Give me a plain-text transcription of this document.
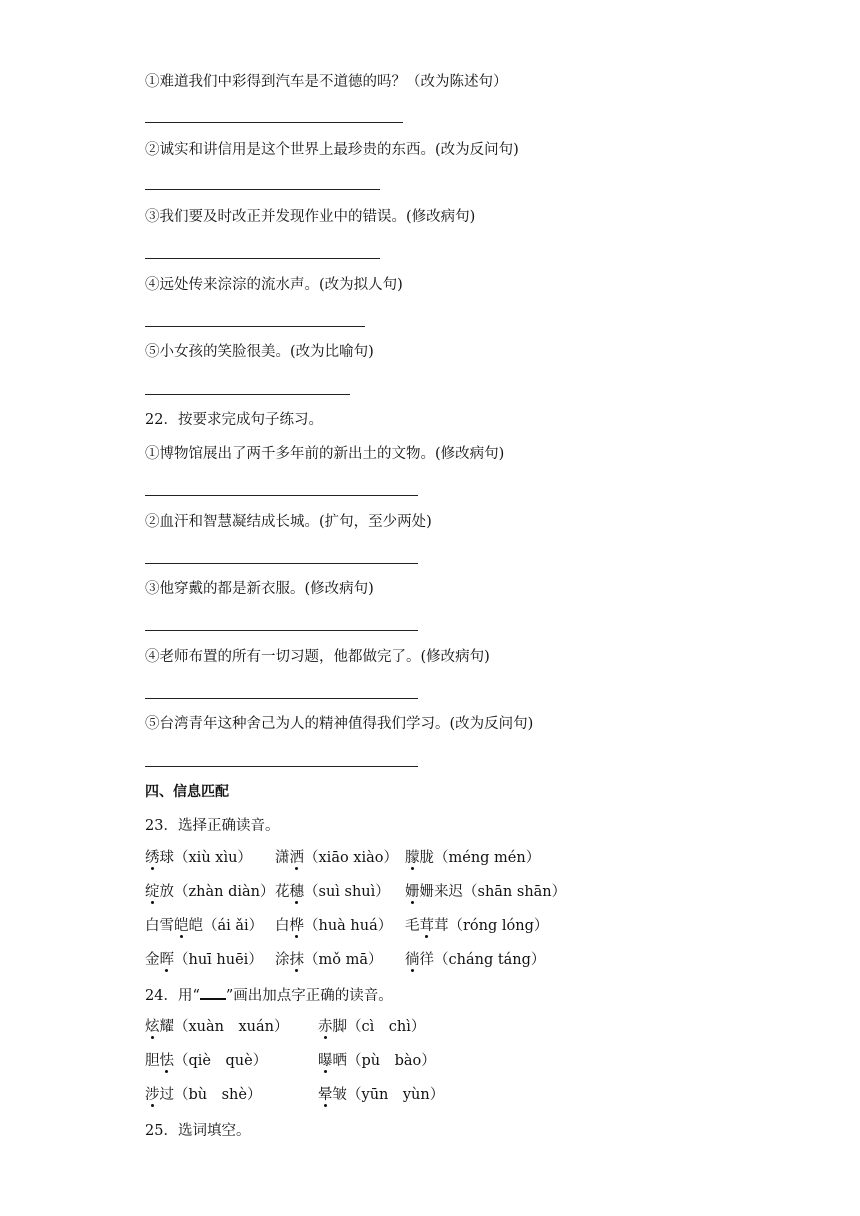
①难道我们中彩得到汽车是不道德的吗？（改为陈述句）
②诚实和讲信用是这个世界上最珍贵的东西。(改为反问句)
③我们要及时改正并发现作业中的错误。(修改病句)
④远处传来淙淙的流水声。(改为拟人句)
⑤小女孩的笑脸很美。(改为比喻句)
22．按要求完成句子练习。
①博物馆展出了两千多年前的新出土的文物。(修改病句)
②血汗和智慧凝结成长城。(扩句，至少两处)
③他穿戴的都是新衣服。(修改病句)
④老师布置的所有一切习题，他都做完了。(修改病句)
⑤台湾青年这种舍己为人的精神值得我们学习。(改为反问句)
四、信息匹配
23．选择正确读音。
绣球（xiù xìu） 潇洒（xiāo xiào） 朦胧（méng mén）
绽放（zhàn diàn） 花穗（suì shuì） 姗姗来迟（shān shān）
白雪皑皑（ái ǎi） 白桦（huà huá） 毛茸茸（róng lóng）
金晖（huī huēi） 涂抹（mǒ mā） 徜徉（cháng táng）
24．用“ ”画出加点字正确的读音。
炫耀（xuàn　xuán） 赤脚（cì　chì）
胆怯（qiè　què）	曝晒（pù　bào）
涉过（bù　shè）	晕皱（yūn　yùn）
25．选词填空。
